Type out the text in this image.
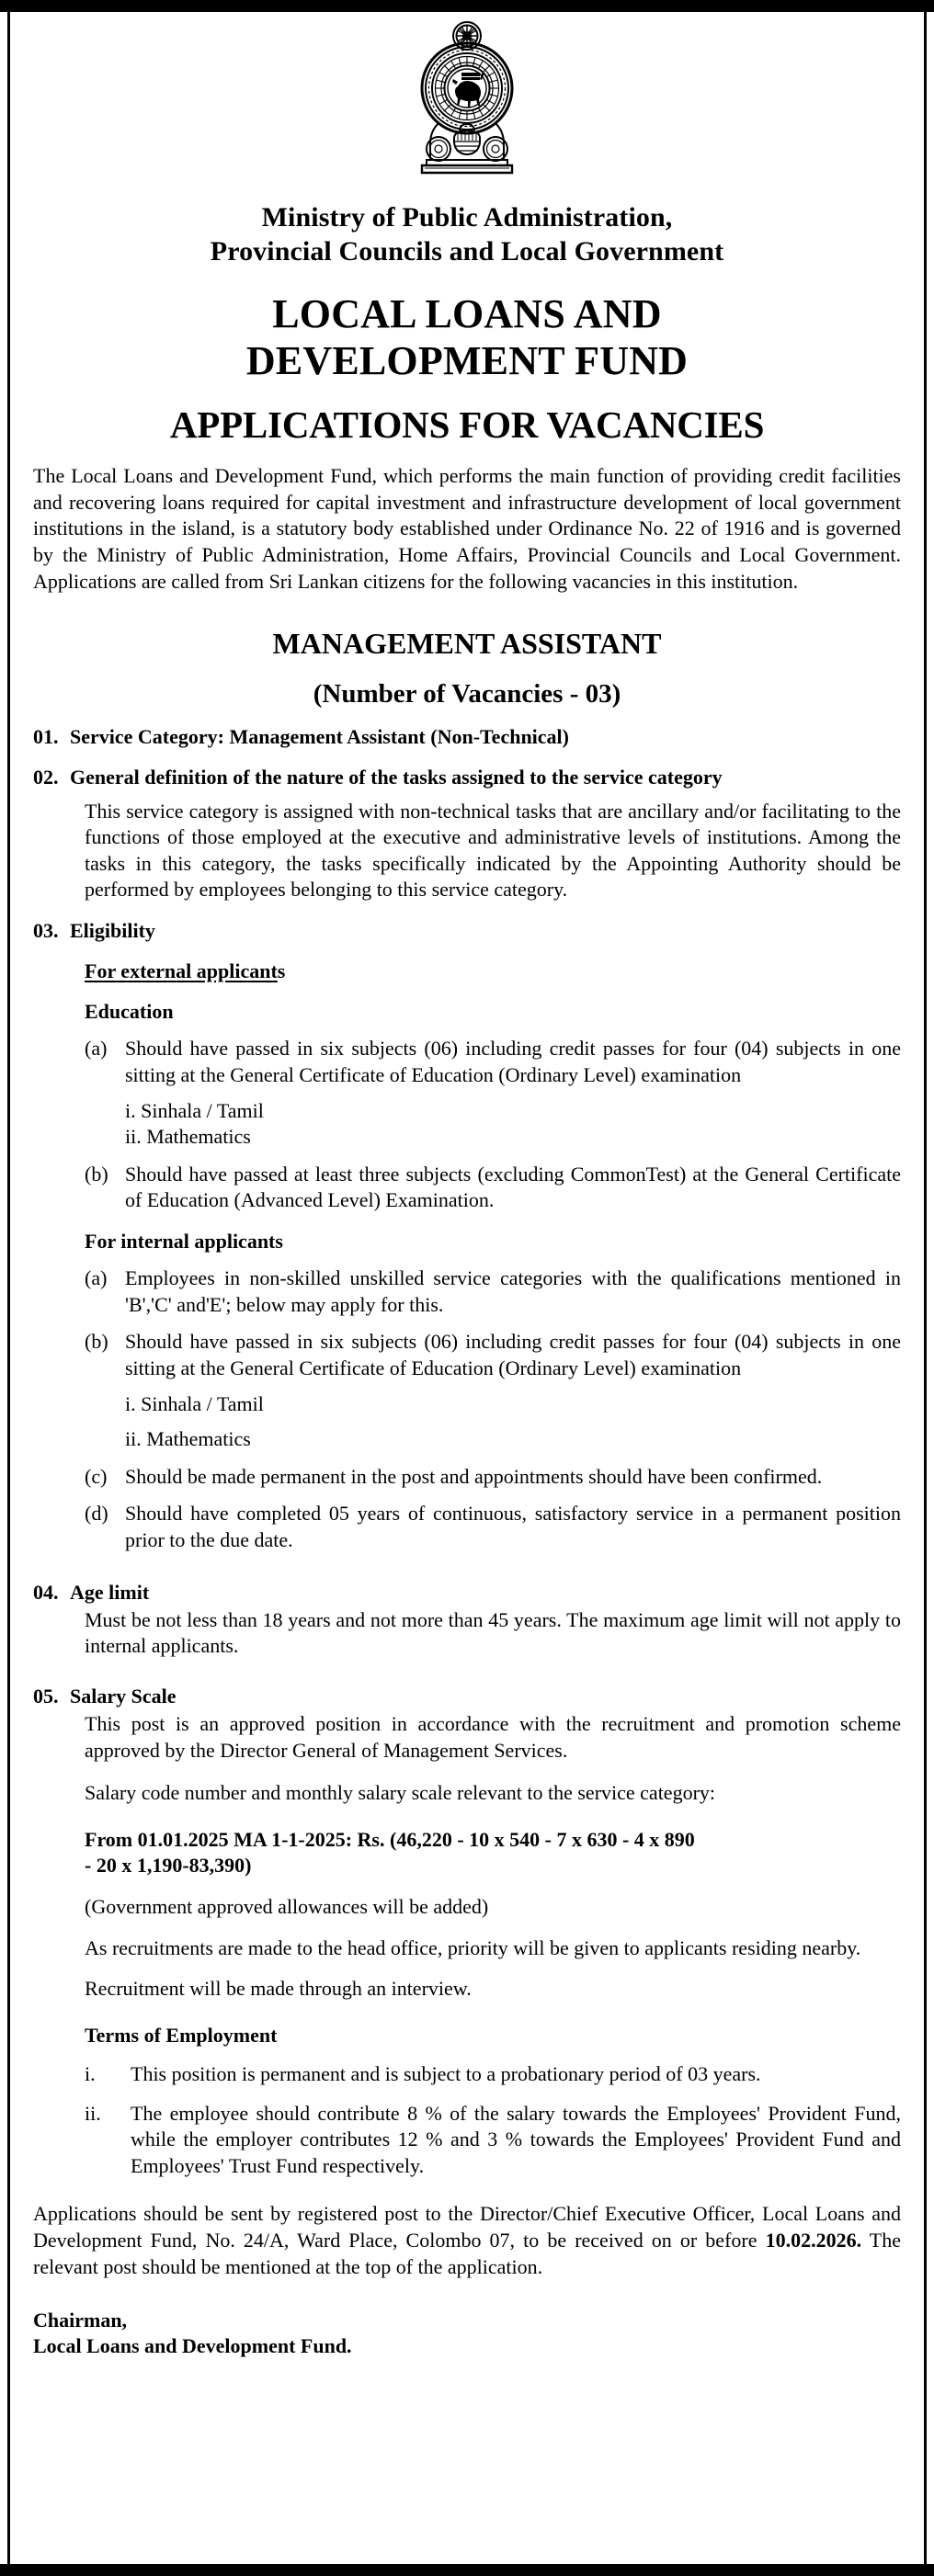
Ministry of Public Administration,
Provincial Councils and Local Government
LOCAL LOANS AND
DEVELOPMENT FUND
APPLICATIONS FOR VACANCIES
The Local Loans and Development Fund, which performs the main function of providing credit facilities and recovering loans required for capital investment and infrastructure development of local government institutions in the island, is a statutory body established under Ordinance No. 22 of 1916 and is governed by the Ministry of Public Administration, Home Affairs, Provincial Councils and Local Government. Applications are called from Sri Lankan citizens for the following vacancies in this institution.
MANAGEMENT ASSISTANT
(Number of Vacancies - 03)
01. Service Category: Management Assistant (Non-Technical)
02. General definition of the nature of the tasks assigned to the service category
This service category is assigned with non-technical tasks that are ancillary and/or facilitating to the functions of those employed at the executive and administrative levels of institutions. Among the tasks in this category, the tasks specifically indicated by the Appointing Authority should be performed by employees belonging to this service category.
03. Eligibility
For external applicants
Education
(a) Should have passed in six subjects (06) including credit passes for four (04) subjects in one sitting at the General Certificate of Education (Ordinary Level) examination
i. Sinhala / Tamil
ii. Mathematics
(b) Should have passed at least three subjects (excluding CommonTest) at the General Certificate of Education (Advanced Level) Examination.
For internal applicants
(a) Employees in non-skilled unskilled service categories with the qualifications mentioned in 'B','C' and'E'; below may apply for this.
(b) Should have passed in six subjects (06) including credit passes for four (04) subjects in one sitting at the General Certificate of Education (Ordinary Level) examination
i. Sinhala / Tamil
ii. Mathematics
(c) Should be made permanent in the post and appointments should have been confirmed.
(d) Should have completed 05 years of continuous, satisfactory service in a permanent position prior to the due date.
04. Age limit
Must be not less than 18 years and not more than 45 years. The maximum age limit will not apply to internal applicants.
05. Salary Scale
This post is an approved position in accordance with the recruitment and promotion scheme approved by the Director General of Management Services.
Salary code number and monthly salary scale relevant to the service category:
From 01.01.2025 MA 1-1-2025: Rs. (46,220 - 10 x 540 - 7 x 630 - 4 x 890
- 20 x 1,190-83,390)
(Government approved allowances will be added)
As recruitments are made to the head office, priority will be given to applicants residing nearby.
Recruitment will be made through an interview.
Terms of Employment
i.	This position is permanent and is subject to a probationary period of 03 years.
ii.	The employee should contribute 8 % of the salary towards the Employees' Provident Fund, while the employer contributes 12 % and 3 % towards the Employees' Provident Fund and Employees' Trust Fund respectively.
Applications should be sent by registered post to the Director/Chief Executive Officer, Local Loans and Development Fund, No. 24/A, Ward Place, Colombo 07, to be received on or before 10.02.2026. The relevant post should be mentioned at the top of the application.
Chairman,
Local Loans and Development Fund.
